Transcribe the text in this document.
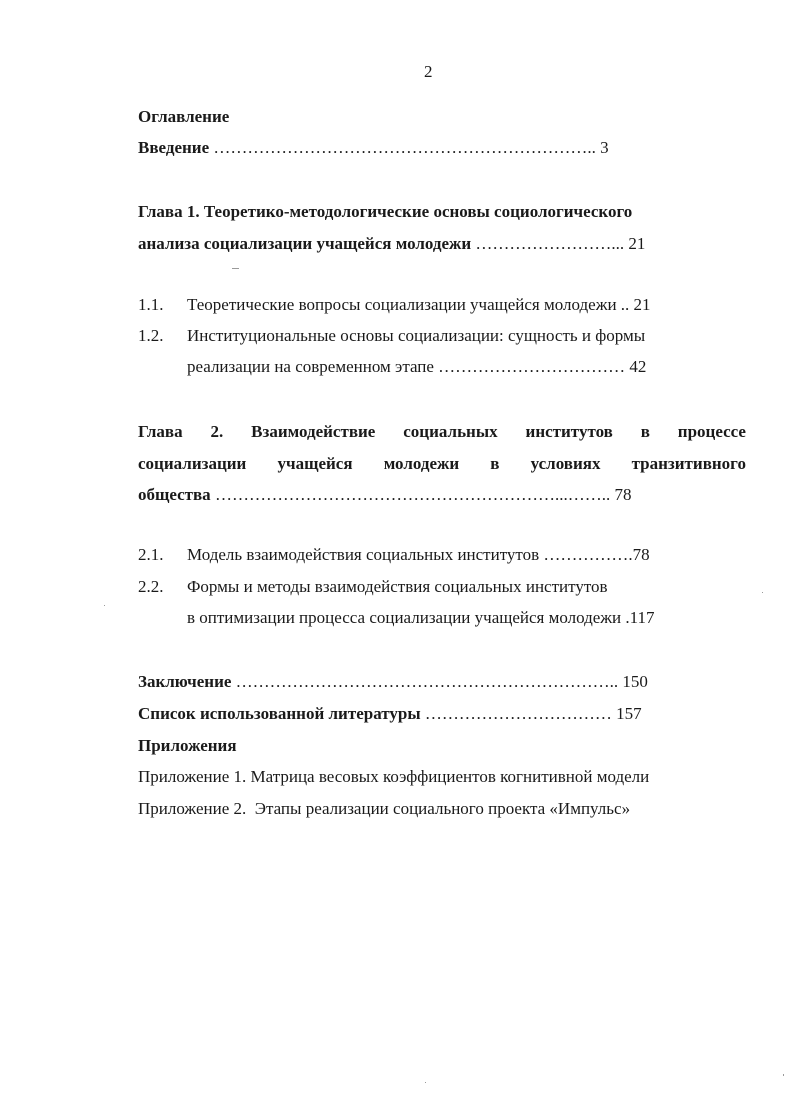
2
Оглавление
Введение ………………………………………………………….. 3
Глава 1. Теоретико-методологические основы социологического
анализа социализации учащейся молодежи ……………………... 21
1.1. Теоретические вопросы социализации учащейся молодежи .. 21
1.2. Институциональные основы социализации: сущность и формы
реализации на современном этапе …………………………… 42
Глава 2. Взаимодействие социальных институтов в процессе
социализации учащейся молодежи в условиях транзитивного
общества ……………………………………………………...…….. 78
2.1. Модель взаимодействия социальных институтов …………….78
2.2. Формы и методы взаимодействия социальных институтов
в оптимизации процесса социализации учащейся молодежи .117
Заключение ………………………………………………………….. 150
Список использованной литературы …………………………… 157
Приложения
Приложение 1. Матрица весовых коэффициентов когнитивной модели
Приложение 2.  Этапы реализации социального проекта «Импульс»
